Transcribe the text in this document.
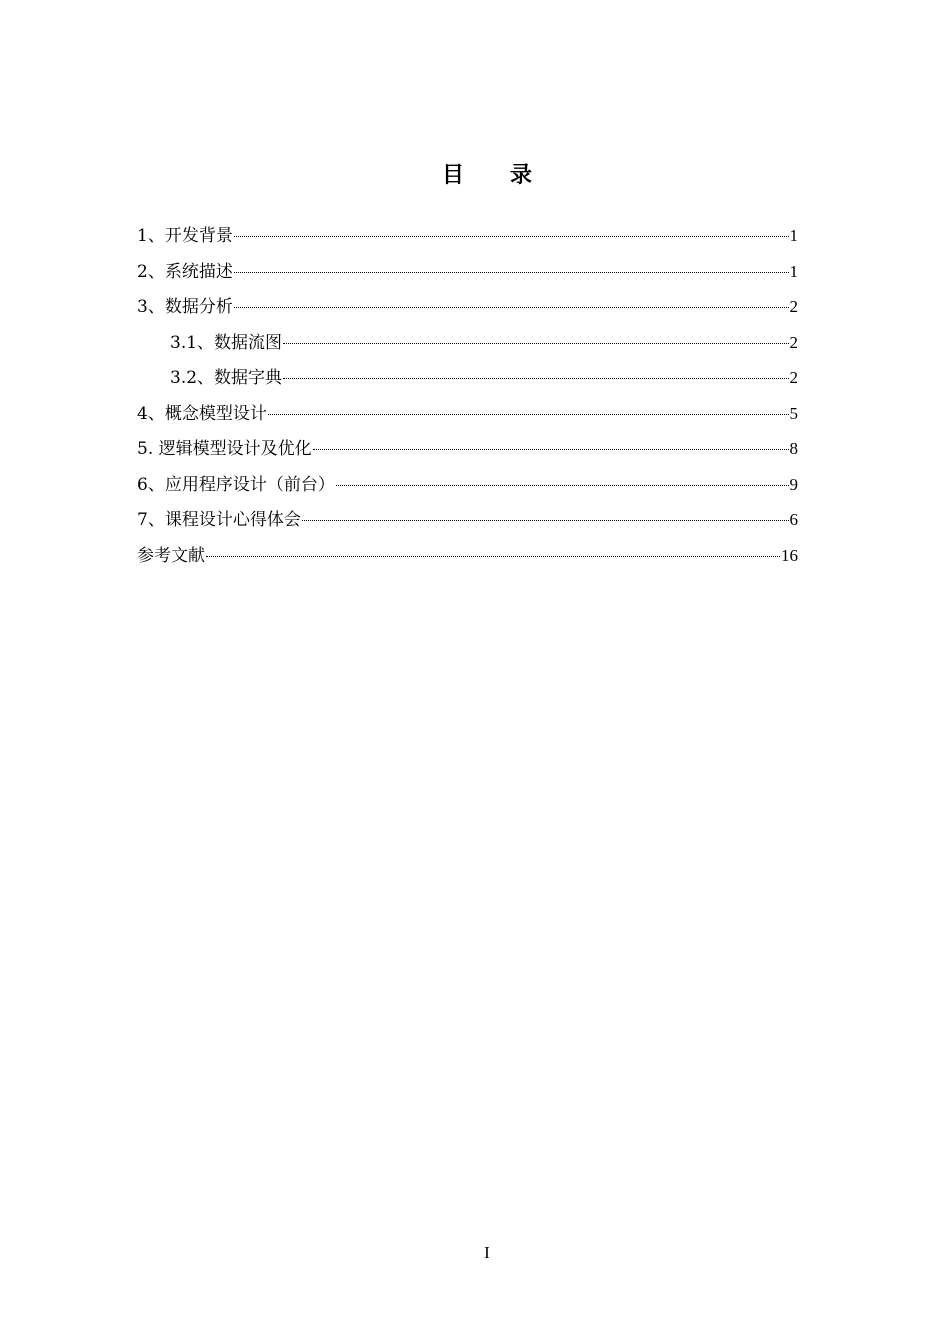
目 录
1、开发背景	1
2、系统描述	1
3、数据分析	2
3.1、数据流图	2
3.2、数据字典	2
4、概念模型设计	5
5. 逻辑模型设计及优化	8
6、应用程序设计（前台）	9
7、课程设计心得体会	6
参考文献	16
I
